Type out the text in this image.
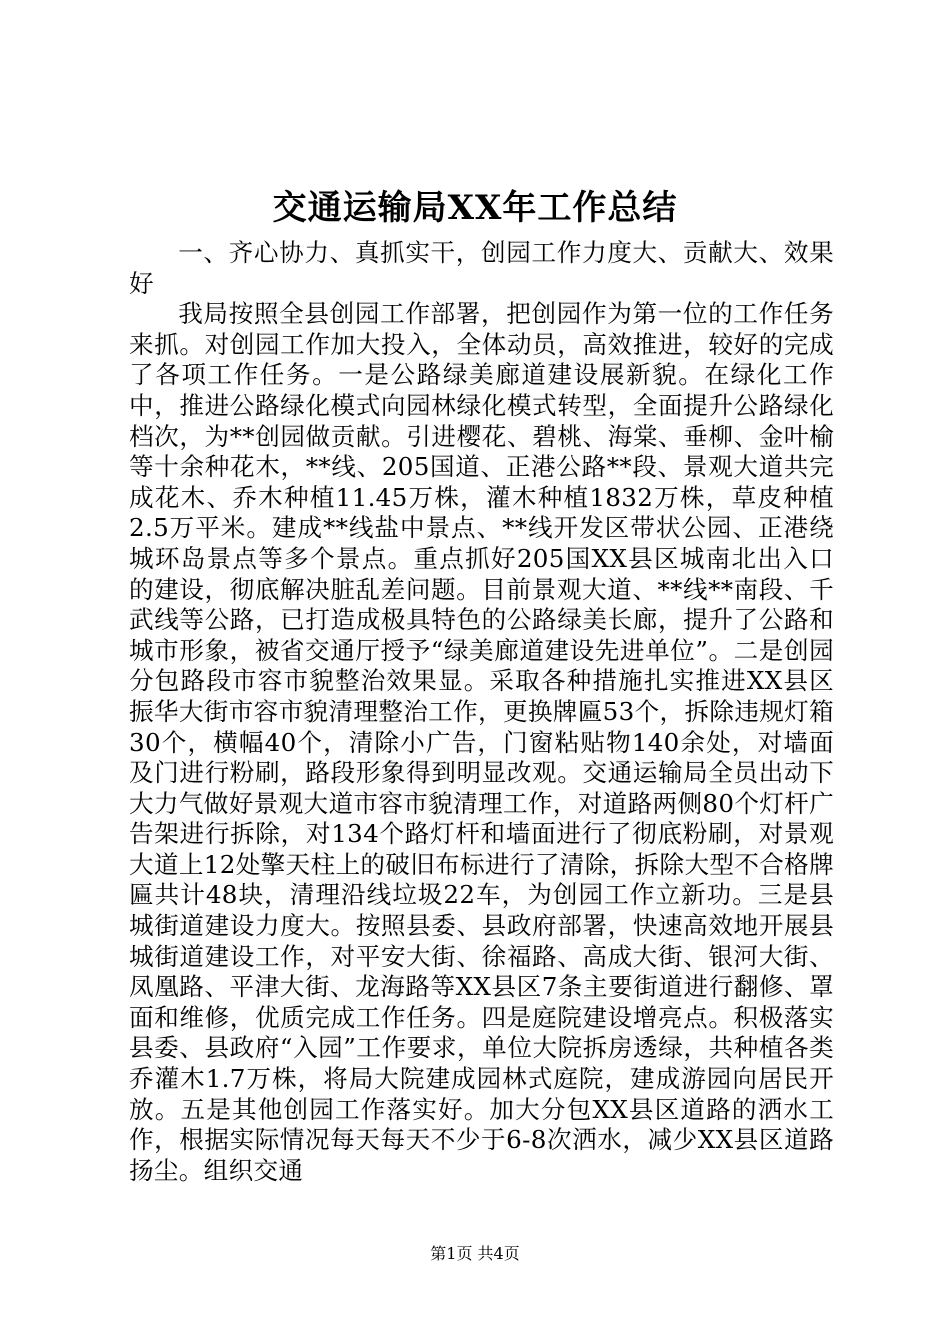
交通运输局XX年工作总结

一、齐心协力、真抓实干，创园工作力度大、贡献大、效果好

我局按照全县创园工作部署，把创园作为第一位的工作任务来抓。对创园工作加大投入，全体动员，高效推进，较好的完成了各项工作任务。一是公路绿美廊道建设展新貌。在绿化工作中，推进公路绿化模式向园林绿化模式转型，全面提升公路绿化档次，为**创园做贡献。引进樱花、碧桃、海棠、垂柳、金叶榆等十余种花木，**线、205国道、正港公路**段、景观大道共完成花木、乔木种植11.45万株，灌木种植1832万株，草皮种植2.5万平米。建成**线盐中景点、**线开发区带状公园、正港绕城环岛景点等多个景点。重点抓好205国XX县区城南北出入口的建设，彻底解决脏乱差问题。目前景观大道、**线**南段、千武线等公路，已打造成极具特色的公路绿美长廊，提升了公路和城市形象，被省交通厅授予“绿美廊道建设先进单位”。二是创园分包路段市容市貌整治效果显。采取各种措施扎实推进XX县区振华大街市容市貌清理整治工作，更换牌匾53个，拆除违规灯箱30个，横幅40个，清除小广告，门窗粘贴物140余处，对墙面及门进行粉刷，路段形象得到明显改观。交通运输局全员出动下大力气做好景观大道市容市貌清理工作，对道路两侧80个灯杆广告架进行拆除，对134个路灯杆和墙面进行了彻底粉刷，对景观大道上12处擎天柱上的破旧布标进行了清除，拆除大型不合格牌匾共计48块，清理沿线垃圾22车，为创园工作立新功。三是县城街道建设力度大。按照县委、县政府部署，快速高效地开展县城街道建设工作，对平安大街、徐福路、高成大街、银河大街、凤凰路、平津大街、龙海路等XX县区7条主要街道进行翻修、罩面和维修，优质完成工作任务。四是庭院建设增亮点。积极落实县委、县政府“入园”工作要求，单位大院拆房透绿，共种植各类乔灌木1.7万株，将局大院建成园林式庭院，建成游园向居民开放。五是其他创园工作落实好。加大分包XX县区道路的洒水工作，根据实际情况每天每天不少于6-8次洒水，减少XX县区道路扬尘。组织交通

第1页 共4页
